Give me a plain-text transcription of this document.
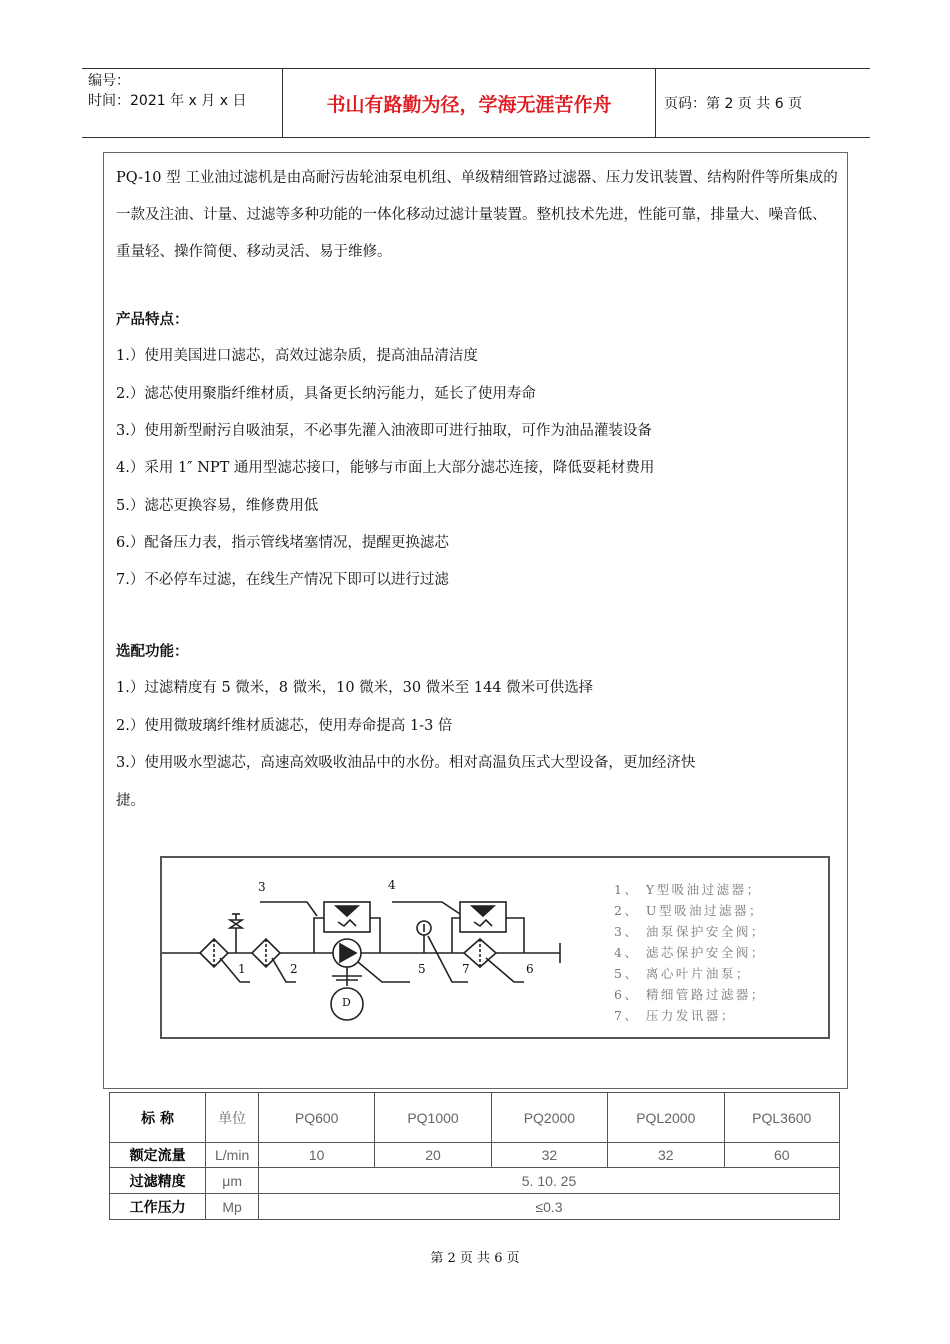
编号：
时间：2021 年 x 月 x 日	书山有路勤为径，学海无涯苦作舟	页码：第 2 页 共 6 页
PQ-10 型 工业油过滤机是由高耐污齿轮油泵电机组、单级精细管路过滤器、压力发讯装置、结构附件等所集成的一款及注油、计量、过滤等多种功能的一体化移动过滤计量装置。整机技术先进，性能可靠，排量大、噪音低、重量轻、操作简便、移动灵活、易于维修。
产品特点：
1.）使用美国进口滤芯，高效过滤杂质，提高油品清洁度
2.）滤芯使用聚脂纤维材质，具备更长纳污能力，延长了使用寿命
3.）使用新型耐污自吸油泵，不必事先灌入油液即可进行抽取，可作为油品灌装设备
4.）采用 1″ NPT 通用型滤芯接口，能够与市面上大部分滤芯连接，降低耍耗材费用
5.）滤芯更换容易，维修费用低
6.）配备压力表，指示管线堵塞情况，提醒更换滤芯
7.）不必停车过滤，在线生产情况下即可以进行过滤
选配功能：
1.）过滤精度有 5 微米，8 微米，10 微米，30 微米至 144 微米可供选择
2.）使用微玻璃纤维材质滤芯，使用寿命提高 1-3 倍
3.）使用吸水型滤芯，高速高效吸收油品中的水份。相对高温负压式大型设备，更加经济快
捷。
1	2
3	4
5	7	6
D
1、 Y型吸油过滤器；
2、 U型吸油过滤器；
3、 油泵保护安全阀；
4、 滤芯保护安全阀；
5、 离心叶片油泵；
6、 精细管路过滤器；
7、 压力发讯器；
标 称	单位	PQ600	PQ1000	PQ2000	PQL2000	PQL3600
额定流量	L/min	10	20	32	32	60
过滤精度	μm	5. 10. 25				
工作压力	Mp	≤0.3				
第 2 页 共 6 页
